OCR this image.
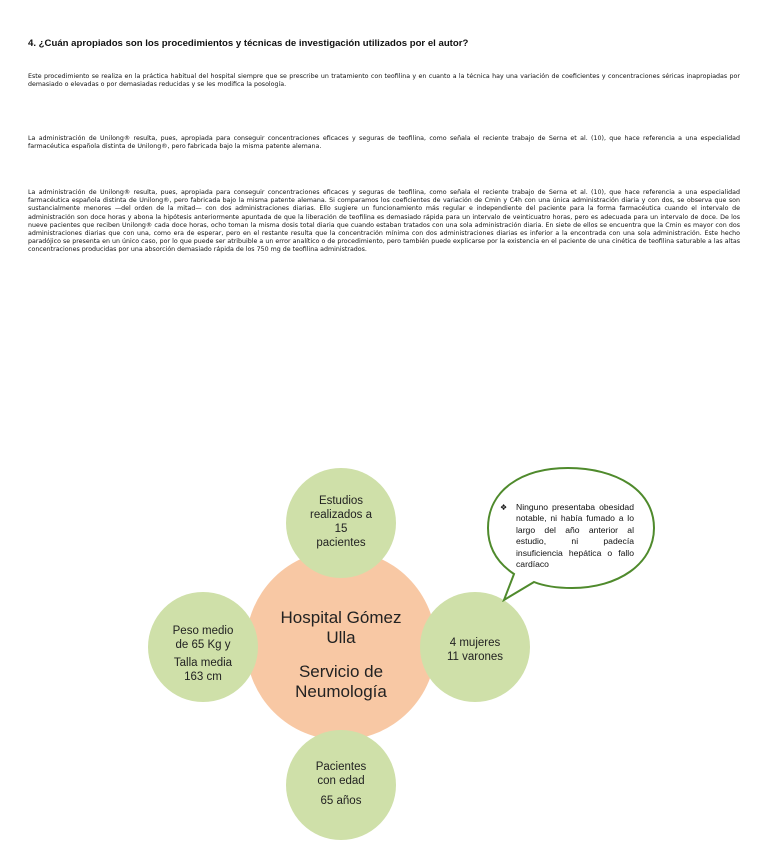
4. ¿Cuán apropiados son los procedimientos y técnicas de investigación utilizados por el autor?

Este procedimiento se realiza en la práctica habitual del hospital siempre que se prescribe un tratamiento con teofilina y en cuanto a la técnica hay una variación de coeficientes y concentraciones séricas inapropiadas por demasiado o elevadas o por demasiadas reducidas y se les modifica la posología.

La administración de Unilong® resulta, pues, apropiada para conseguir concentraciones eficaces y seguras de teofilina, como señala el reciente trabajo de Serna et al. (10), que hace referencia a una especialidad farmacéutica española distinta de Unilong®, pero fabricada bajo la misma patente alemana.

La administración de Unilong® resulta, pues, apropiada para conseguir concentraciones eficaces y seguras de teofilina, como señala el reciente trabajo de Serna et al. (10), que hace referencia a una especialidad farmacéutica española distinta de Unilong®, pero fabricada bajo la misma patente alemana. Si comparamos los coeficientes de variación de Cmin y C4h con una única administración diaria y con dos, se observa que son sustancialmente menores —del orden de la mitad— con dos administraciones diarias. Ello sugiere un funcionamiento más regular e independiente del paciente para la forma farmacéutica cuando el intervalo de administración son doce horas y abona la hipótesis anteriormente apuntada de que la liberación de teofilina es demasiado rápida para un intervalo de veinticuatro horas, pero es adecuada para un intervalo de doce. De los nueve pacientes que reciben Unilong® cada doce horas, ocho toman la misma dosis total diaria que cuando estaban tratados con una sola administración diaria. En siete de ellos se encuentra que la Cmin es mayor con dos administraciones diarias que con una, como era de esperar, pero en el restante resulta que la concentración mínima con dos administraciones diarias es inferior a la encontrada con una sola administración. Este hecho paradójico se presenta en un único caso, por lo que puede ser atribuible a un error analítico o de procedimiento, pero también puede explicarse por la existencia en el paciente de una cinética de teofilina saturable a las altas concentraciones producidas por una absorción demasiado rápida de los 750 mg de teofilina administrados.

Hospital Gómez
Ulla
Servicio de
Neumología
Estudios
realizados a
15
pacientes
Peso medio
de 65 Kg y
Talla media
163 cm
4 mujeres
11 varones
Pacientes
con edad
65 años
❖ Ninguno presentaba obesidad notable, ni había fumado a lo largo del año anterior al estudio, ni padecía insuficiencia hepática o fallo cardíaco
